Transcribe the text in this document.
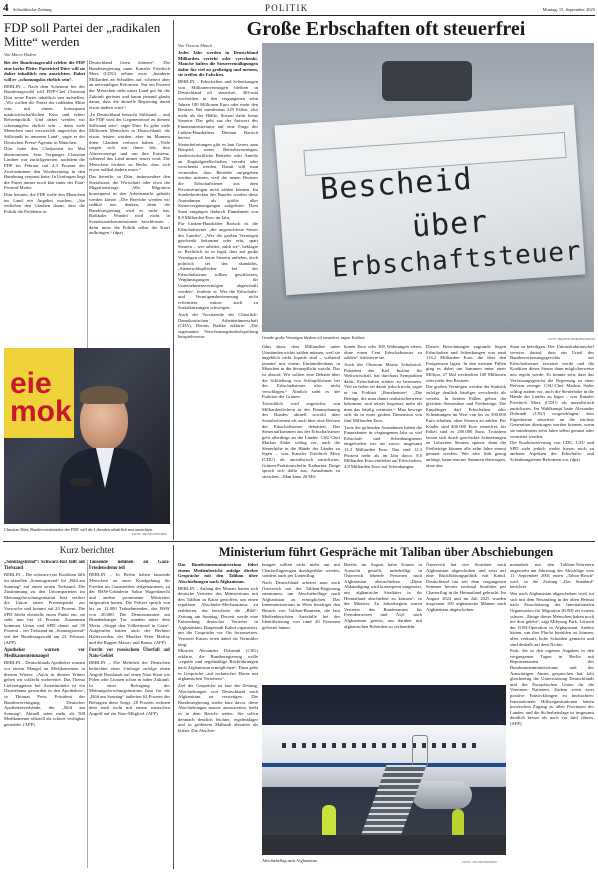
4 Schwäbische Zeitung	POLITIK	Montag, 15. September 2025
FDP soll Partei der „radikalen Mitte“ werden
Von Marco Hadem

Bei der Bundestagswahl erlebte die FDP eine herbe Pleite. Parteichef Dürr will sie daher inhaltlich neu ausrichten. Dabei will er „schonungslos ehrlich sein“.

BERLIN – Nach dem Scheitern bei der Bundestagswahl will FDP-Chef Christian Dürr seine Partei inhaltlich neu aufstellen. „Wir wollen die Partei der radikalen Mitte sein, mit einem konsequent marktwirtschaftlichen Kurs und echter Reformpolitik. Und dabei werden wir schonungslos ehrlich sein – denn viele Menschen sind verzweifelt angesichts des Stillstands in unserem Land“, sagte er der Deutschen Presse-Agentur in München.

Dürr hatte den Chefposten im Mai übernommen. Sein Vorgänger Christian Lindner war zurückgetreten, nachdem die FDP im Februar mit 4,3 Prozent der Zweitstimmen den Wiedereinzug in den Bundestag verpasst hatte. In Umfragen liegt die Partei immer noch klar unter der Fünf-Prozent-Marke.

Dürr betonte, die FDP wolle den Menschen im Land ein Angebot machen. „Sie verlieben den Glauben daran, dass die Politik die Probleme in

Deutschland lösen können“. Die Bundesregierung unter Kanzler Friedrich Merz (CDU) nehme zwar „hunderte Milliarden an Schulden auf, scheitert aber an notwendigen Reformen. Nur ein Prozent der Menschen sieht unser Land gut für die Zukunft gerüstet und kaum jemand glaubt daran, dass die aktuelle Regierung daran etwas ändern wird.“

„In Deutschland herrscht Stillstand – und die FDP wird der Gegenentwurf zu diesem Stillstand sein“, sagte Dürr. Es gebe viele Millionen Menschen in Deutschland, die etwas leisten würden, aber im Moment ihren Glauben verloren haben. „Viele sorgen sich um ihren Job, ihre Altersvorsorge und um ihre Existenz, während das Land immer teurer wird. Die Menschen fordern zu Recht, dass sich etwas radikal ändern muss.“

Das betreffe, so Dürr, insbesondere den Sozialstaat, die Wirtschaft oder etwa die Migrationsfrage. „Wie Migration konsequent in den Arbeitsmarkt gelenkt werden könne. „Die Bereiche werden wir radikal neu denken, denn die Bundesregierung wird es nicht tun. Radikaler Wandel wird nicht in Sozialstaatskommissionen beschlossen – dafür muss die Politik selbst die Kraft aufbringen.“ (dpa)

eie
mok
Christian Dürr, Bundesvorsitzender der FDP, will die Liberalen inhaltlich neu ausrichten.
FOTO: JAN WOITAS/DPA
Große Erbschaften oft steuerfrei
Von Theresa Münch

Jedes Jahr werden in Deutschland Milliarden vererbt oder verschenkt. Manche halten die Steuerermäßigungen dafür für viel zu großzügig und meinen, sie treffen die Falschen.

BERLIN – Erbschaften und Schenkungen von Millionenvermögen bleiben in Deutschland oft steuerfrei. 463-mal wechselten in den vergangenen zehn Jahren 100 Millionen Euro oder mehr den Besitzer. Bei mindestens 229 Fällen, also mehr als der Hälfte, flossen dafür keine Steuern. Das geht aus der Antwort des Finanzministeriums auf eine Frage des Linken-Haushälters Dietmar Bartsch hervor.

Steuerbefreiungen gibt es laut Gesetz zum Beispiel, wenn Betriebsvermögen, landwirtschaftliche Betriebe oder Anteile an Kapitalgesellschaften vererbt oder verschenkt werden. Damit will man vermeiden, dass Betriebe aufgegeben werden müssen, weil die neuen Besitzer die Erbschaftsteuer aus dem Privatvermögen nicht zahlen können. Im Sonderbedecken der Bundes werden diese Ausnahmen als größte aller Steuervergünstigungen aufgelistet: Dem Staat entgingen dadurch Einnahmen von 8,8 Milliarden Euro im Jahr.

Für Linken-Haushälter Bartsch ist die Erbschaftsteuer „die ungerechteste Steuer des Landes“. „Wer die großen Vermögen geschenkt bekommt oder erbt, spart Steuern – wer arbeitet, zahlt sie“, beklagte er. Rechtlich ist es legal, dass auf große Vermögen oft keine Steuern anfielen, doch politisch sei das skandalös. „Steuerschlupflöcher bei der Erbschaftsteuer sollten geschlossen, Vergünstigungen für Unternehmensvermögen abgeschafft werden“, forderte er. Wer die Erbschafts- und Vermögensbesteuerung nicht reformiere, müsse auch zu Sozialkürzungen schweigen.

Auch der Vorsitzende der Christlich-Demokratischen Arbeitnehmerschaft (CDA), Dennis Radtke erklärte: „Die sogenannte Verschonungsbedarfsprüfung beispielsweise

Bescheid
über
Erbschaftsteuer
Gerade große Vermögen bleiben oft steuerfrei, sagen Kritiker.	FOTO: BEATRIX BOELZIG/IMAGO

führt dazu, dass Milliardäre unter Umständen nichts zahlen müssen, weil sie angeblich nicht liquide sind – während jemand mit einem Einfamilienhaus in München in die Steuerpflicht rutscht. Das ist absurd. Wir sollten eine Debatte über die Schließung von Schlupflöchern bei der Erbschaftsteuer also nicht verschlagen.“ Ähnlich sieht es der Fraktion der Grünen.

Tatsächlich wird angesichts von Milliardenlöchern in der Finanzplanung des Bundes aktuell sowohl über Sozialreformen als auch über eine Reform der Erbschaftsteuer debattiert. Das Steueraufkommen aus der Erbschaftsteuer geht allerdings an die Länder. CSU-Chef Markus Söder schlug vor, auch die Steuerhöhe in die Hände der Länder zu legen – was Kanzler Friedrich Merz (CDU) als unrealistisch zurückwies. Grünen-Fraktionschefin Katharina Dröge sprach sich dafür aus, Ausnahmen zu streichen. „Man kann 26 Mil-

lionen Euro oder 300 Wohnungen erben, ohne einen Cent Erbschaftsteuer zu zahlen“, kritisierte sie.

Auch der Ökonom Moritz Schularick, Präsident des Kiel Institut für Weltwirtschaft, hat durchaus Sympathien dafür, Erbschaften stärker zu besteuern. Viel zu holen sei damit jedoch nicht, sagte er im Podcast „Ronzheimer“. „Die Beträge, die man damit realistischerweise bekommt, sind relativ begrenzt, mehr als man das häufig vermutet.“ Man bewege sich da in einer groben Dimension von fünf Milliarden Euro.

Trotz der geltenden Ausnahmen haben die Finanzämter in vergangenen Jahr so viel Erbschaft- und Schenkungsteuer eingefordert wie nie zuvor: insgesamt 13,3 Milliarden Euro. Das sind 12,3 Prozent mehr als im Jahr davor. 8,5 Milliarden Euro entfielen auf Erbschaften, 4,8 Milliarden Euro auf Schenkungen.

Diesen Berechnungen zugrunde liegen Erbschaften und Schenkungen von rund 113,2 Milliarden Euro, die über den Freigrenzen lagen. In den meisten Fällen ging es dabei um Summen unter einer Million, 27 Mal wechselten 100 Millionen oder mehr den Besitzer.

Die großen Vermögen werden der Statistik zufolge deutlich häufiger verschenkt als vererbt. In beiden Fällen gelten die gleichen Steuersätze und Freibeträge. Die Empfänger darf Erbschaften oder Schenkungen im Wert von bis zu 500.000 Euro erhalten, ohne Steuern zu zahlen. Für Kinder sind 400.000 Euro steuerfrei, für Enkel sind es 200.000 Euro. Trotzdem lassen sich durch geschickte Schenkungen zu Lebzeiten Steuern sparen: denn die Freibeträge können alle zehn Jahre erneut genutzt werden. Wer also früh genug anfängt, kann enorme Summen übertragen, ohne den

Staat zu beteiligen. Der Unionsfraktionschef verwies darauf, dass ein Urteil des Bundesverfassungsgerichts zur Erbschaftsteuer erwartet werde und die Koalition dieser Steuer dann möglicherweise neu regeln werde. Es könnte sein, dass das Verfassungsgericht die Regierung zu einer Reform zwinge. CSU-Chef Markus Söder schlug zudem vor, auch die Steuerhöhe in die Hände der Länder zu legen – was Kanzler Friedrich Merz (CDU) als unrealistisch zurückwies. Im Wahlkampf hatte Alexander Dobrindt (CSU) vorgeschlagen, dass Eigenheime steuerfrei an die nächste Generation übertragen werden können, wenn sie mindestens zehn Jahre selbst genutzt oder vermietet werden.

Der Koalitionsvertrag von CDU, CSU und SPD sieht jedoch weder hierzu noch zu anderen Aspekten der Erbschafts- und Schenkungsteuer Reformen vor. (dpa)

Kurz berichtet

„Sonntagstrend“: Schwarz-Rot fällt auf Tiefstand

BERLIN – Die schwarz-rote Koalition fällt im aktuellen „Sonntagstrend“ für „Bild am Sonntag“ auf einen neuen Tiefstand. Die Zustimmung zu den Unionsparteien im Meinungsforschungsinstitut Insa verliert die Union einen Prozentpunkt zur Vorwoche und kommt auf 23 Prozent. Die SPD bleibt ebenfalls einen Punkt ein, sie steht nun bei 14 Prozent. Zusammen kommen Union und SPD damit auf 39 Prozent – ein Tiefstand im „Sonntagstrend“ seit der Bundestagswahl am 23. Februar. (AFP)

Apotheker warnen vor Medikamentenmangel

BERLIN – Deutschlands Apotheker warnen vor einem Mangel an Medikamenten in diesem Winter. „Auch in diesem Winter gehen wir schlecht vorbereitet. Das Thema Lieferengpässe bei Arzneimitteln ist ein Dauerthema geworden in den Apotheken“, so Thomas Preis, Präsident der Bundesvereinigung Deutscher Apothekerverbände, der „Bild am Sonntag“. Aktuell seien mehr als 500 Medikamente offiziell als schwer verfügbar gemeldet. (AFP)

Tausende nehmen an Gaza-Friedensdemo teil

BERLIN – In Berlin haben tausende Menschen an einer Kundgebung für Frieden im Gazastreifen teilgenommen, zu der BSW-Gründerin Sahra Wagenknecht und andere prominente Mitstreiter aufgerufen hatten. Die Polizei sprach von bis zu 12.000 Teilnehmenden, das BSW von 20.000. Die Demonstranten am Brandenburger Tor standen unter dem Motto „Stoppt den Völkermord in Gaza“. Aufgerufen hatten auch der Berliner Hallervorden, der Musiker Peter Maffay und die Rapper Massiv und Bausa. (AFP)

Furcht vor russischem Überfall auf Nato-Gebiet

BERLIN – Die Mehrheit der Deutschen befürchtet einer Umfrage zufolge einen Angriff Russlands auf einen Nato-Staat wie Polen oder Litauen schon in naher Zukunft. In einer Befragung des Meinungsforschungsinstituts Insa für die „Bild am Sonntag“ äußerten 62 Prozent der Befragten diese Sorge. 28 Prozent rechnen dem nach nicht mit einem russischen Angriff auf ein Nato-Mitglied. (AFP)

Ministerium führt Gespräche mit Taliban über Abschiebungen

Das Bundesinnenministerium führt einem Medienbericht zufolge direkte Gespräche mit den Taliban über Abschiebungen nach Afghanistan.

BERLIN – Anfang des Monats hatten sich deutsche Vertreter des Ministeriums mit den Taliban in Katar getroffen, um einen regulären Abschiebe-Mechanismus zu etablieren, das berichtete die „Bild“-Zeitung am Sonntag. Derzeit werde eine Entsendung deutscher Vertreter in Afghanistans Hauptstadt Kabul organisiert, um die Gespräche vor Ort fortzusetzen. Vertreter Katars seien dabei als Vermittler tätig.

Minister Alexander Dobrindt (CSU) erklärte, die Bundesregierung wolle „regulär und regelmäßige Rückführungen nach Afghanistan ermöglichen“. Dazu gebe es Gespräche „auf technischer Ebene mit afghanischen Vertretern“.

Ziel der Gespräche ist laut der Zeitung, Abschiebungen von Deutschland nach Afghanistan zu verstetigen. Die Bundesregierung strebe kurz davor, diese Abschiebungen massiv auszuweiten, heißt es in dem Bericht weiter. Sie sollen demnach deutlich leichter, regelmäßiger und in größerem Maßstab ablaufen als bisher. Die Abschie-

bungen sollten nicht mehr nur mit Charterflugzeugen durchgeführt werden, sondern auch per Linienflug.

Nach Deutschland arbeitet man auch Österreich mit der Taliban-Regierung zusammen, um Abschiebeflüge nach Afghanistan zu ermöglichen. Das Innenministerium in Wien bestätigte den Besuch von Taliban-Beamten, die laut Medienberichten Amtshilfe bei der Identifizierung von rund 20 Personen geleistet hätten.

Bereits im August hatte Karner in Aussicht gestellt, unbehelligt in Österreich lebende Personen nach Afghanistan abzuschieben. „Diese Abkündigung wird konsequent umgesetzt, um afghanische Straftäter in ihr Heimatland abschieben zu können“, so der Minister. Zu Jahresbeginn waren Vertreter des Bundesamtes für Fremdenwesen und Asyl nach Afghanistan gereist, um darüber mit afghanischen Behörden zu verhandeln.

Österreich hat vier Straftäter nach Afghanistan abgeschoben und setzt auf eine Rückführungspolitik mit Kabul. Deutschland hat seit dem vergangenen Sommer bereits zweimal Straftäter per Charterflug in ihr Heimatland gebracht. Im August 2024 und im Juli 2025 wurden insgesamt 109 afghanische Männer nach Afghanistan abgeschoben.

menarbeit mit den Taliban-Vertretern angestrebt am Jahrestag der Abschläge vom 11. September 2001 einen „Taboo-Bruch“ weil, so die Zeitung „Der Standard“ berichtet.

Wer nach Afghanistan abgeschoben wird, tut sich mit dem Neuanfang in der alten Heimat nach Einschätzung der Internationalen Organisation für Migration (IOM) oft extrem schwer. „Einige dieser Menschen haben noch nie dort gelebt“, sagt Mihyung Park, Leiterin der IOM-Operation in Afghanistan. Andere hätten, um ihre Flucht bezahlen zu können, alles verkauft, hohe Schulden gemacht und sind deshalb auf dem Nichts.

Park, die in den eigenen Angaben in den vergangenen Tagen in Berlin mit Repräsentanten des Bundesinnenministeriums und des Auswärtigen Amtes gesprochen hat, lobt gleichzeitig die Unterstützung Deutschlands und der Europäischen Union für die Vereinten Nationen. Zudem seien zwei positive Entwicklungen zu beobachten: Internationale Hilfsorganisationen hätten inzwischen Zugang zu allen Provinzen des Landes, und die Sicherheitslage ist insgesamt deutlich besser als noch vor fünf Jahren. (AFP)

Abschiebeflug nach Afghanistan.	FOTO: JAN WOITAS/DPA
